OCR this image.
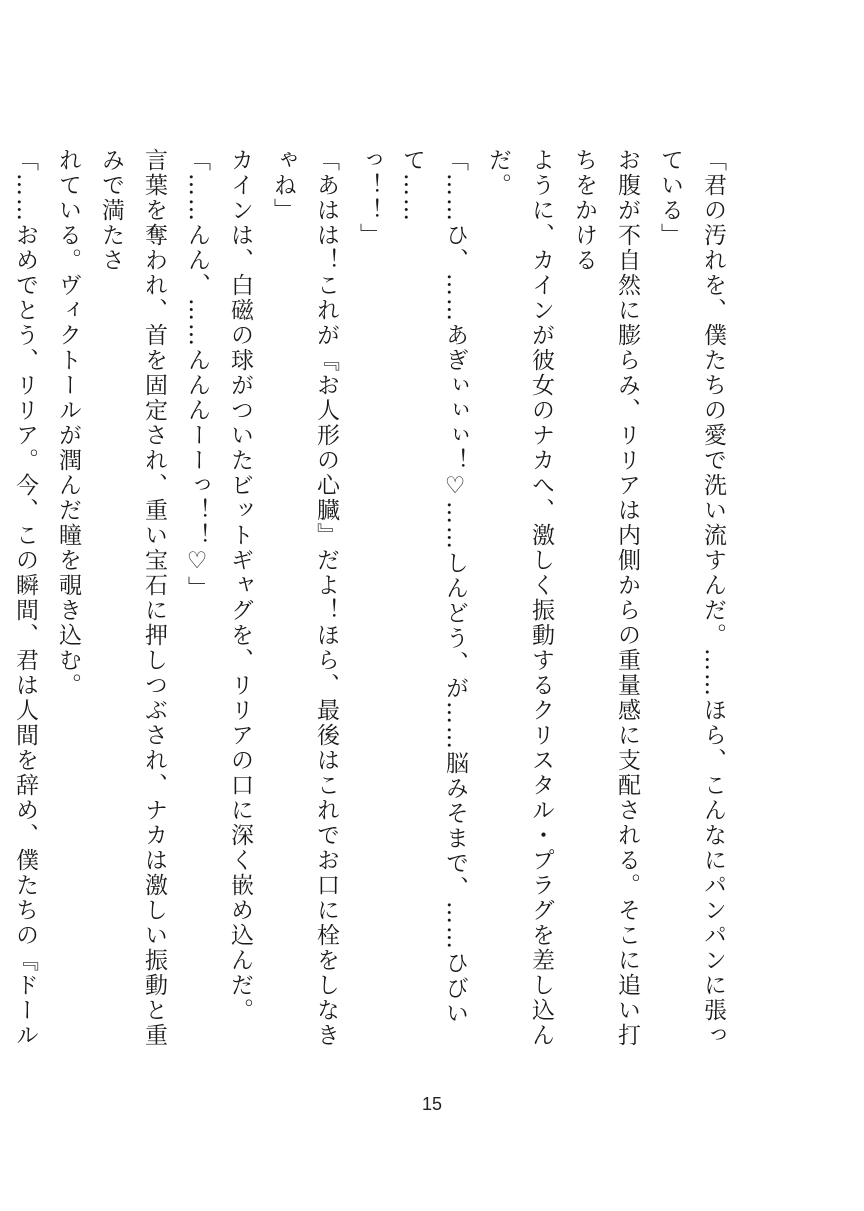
「君の汚れを、僕たちの愛で洗い流すんだ。……ほら、こんなにパンパンに張っている」

お腹が不自然に膨らみ、リリアは内側からの重量感に支配される。そこに追い打ちをかける

ように、カインが彼女のナカへ、激しく振動するクリスタル・プラグを差し込んだ。

「……ひ、……あぎぃぃぃ！♡……しんどう、が……脳みそまで、……ひびいて……

っ！！」

「あはは！これが『お人形の心臓』だよ！ほら、最後はこれでお口に栓をしなきゃね」

カインは、白磁の球がついたビットギャグを、リリアの口に深く嵌め込んだ。

「……んん、……んんんーーっ！！♡」

言葉を奪われ、首を固定され、重い宝石に押しつぶされ、ナカは激しい振動と重みで満たさ

れている。ヴィクトールが潤んだ瞳を覗き込む。

「……おめでとう、リリア。今、この瞬間、君は人間を辞め、僕たちの『ドール

15
